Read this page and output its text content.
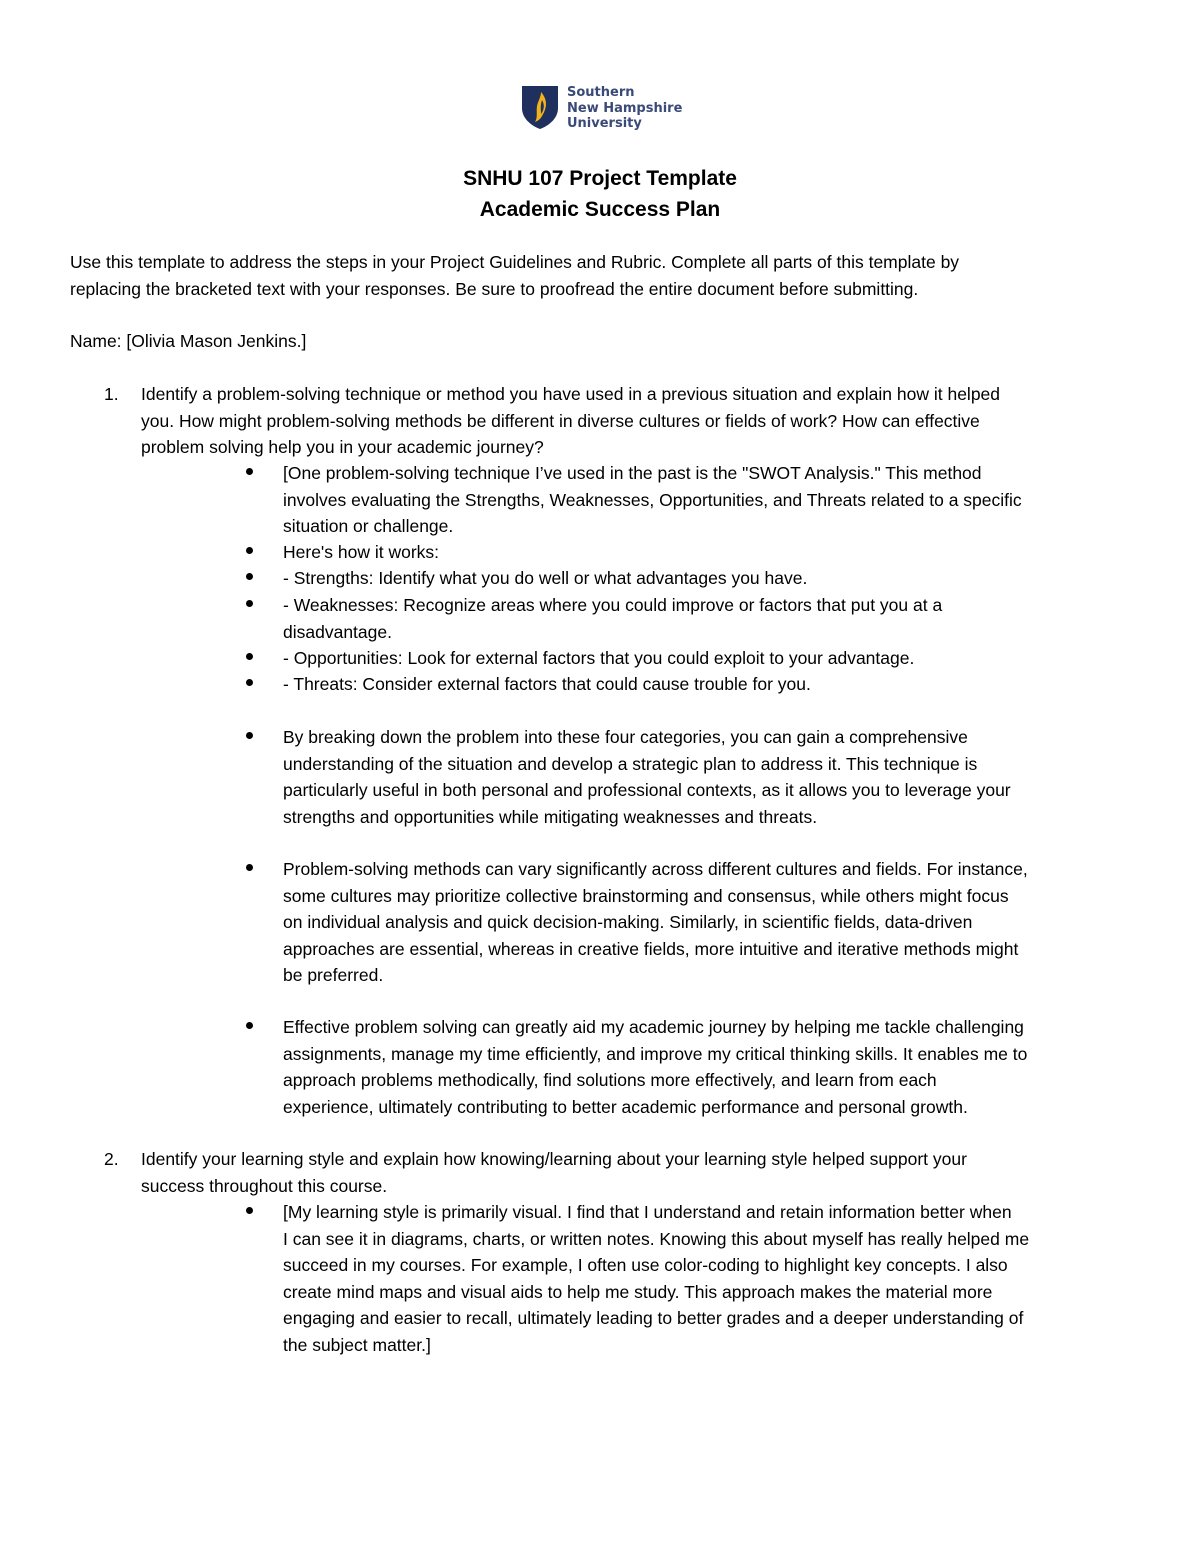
Southern
New Hampshire
University
SNHU 107 Project Template
Academic Success Plan
Use this template to address the steps in your Project Guidelines and Rubric. Complete all parts of this template by
replacing the bracketed text with your responses. Be sure to proofread the entire document before submitting.
Name: [Olivia Mason Jenkins.]
1. Identify a problem-solving technique or method you have used in a previous situation and explain how it helped
you. How might problem-solving methods be different in diverse cultures or fields of work? How can effective
problem solving help you in your academic journey?
[One problem-solving technique I’ve used in the past is the "SWOT Analysis." This method
involves evaluating the Strengths, Weaknesses, Opportunities, and Threats related to a specific
situation or challenge.
Here's how it works:
- Strengths: Identify what you do well or what advantages you have.
- Weaknesses: Recognize areas where you could improve or factors that put you at a
disadvantage.
- Opportunities: Look for external factors that you could exploit to your advantage.
- Threats: Consider external factors that could cause trouble for you.
By breaking down the problem into these four categories, you can gain a comprehensive
understanding of the situation and develop a strategic plan to address it. This technique is
particularly useful in both personal and professional contexts, as it allows you to leverage your
strengths and opportunities while mitigating weaknesses and threats.
Problem-solving methods can vary significantly across different cultures and fields. For instance,
some cultures may prioritize collective brainstorming and consensus, while others might focus
on individual analysis and quick decision-making. Similarly, in scientific fields, data-driven
approaches are essential, whereas in creative fields, more intuitive and iterative methods might
be preferred.
Effective problem solving can greatly aid my academic journey by helping me tackle challenging
assignments, manage my time efficiently, and improve my critical thinking skills. It enables me to
approach problems methodically, find solutions more effectively, and learn from each
experience, ultimately contributing to better academic performance and personal growth.
2. Identify your learning style and explain how knowing/learning about your learning style helped support your
success throughout this course.
[My learning style is primarily visual. I find that I understand and retain information better when
I can see it in diagrams, charts, or written notes. Knowing this about myself has really helped me
succeed in my courses. For example, I often use color-coding to highlight key concepts. I also
create mind maps and visual aids to help me study. This approach makes the material more
engaging and easier to recall, ultimately leading to better grades and a deeper understanding of
the subject matter.]
